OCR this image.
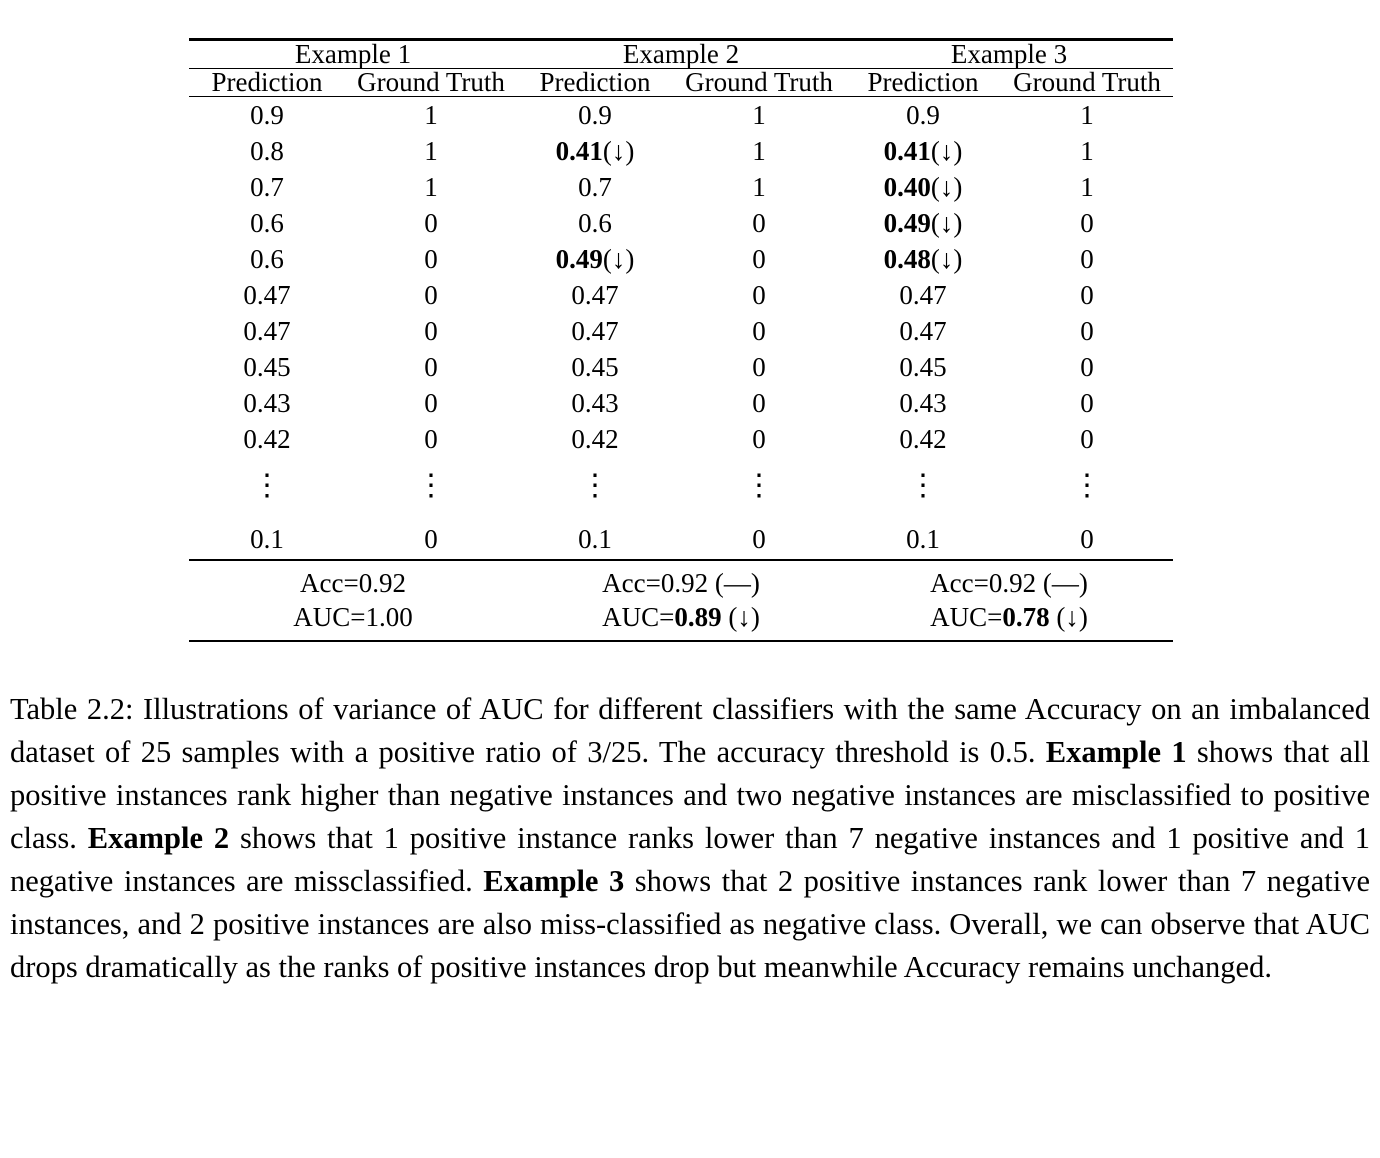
Example 1		Example 2		Example 3	
Prediction	Ground Truth	Prediction	Ground Truth	Prediction	Ground Truth
0.9	1	0.9	1	0.9	1
0.8	1	0.41(↓)	1	0.41(↓)	1
0.7	1	0.7	1	0.40(↓)	1
0.6	0	0.6	0	0.49(↓)	0
0.6	0	0.49(↓)	0	0.48(↓)	0
0.47	0	0.47	0	0.47	0
0.47	0	0.47	0	0.47	0
0.45	0	0.45	0	0.45	0
0.43	0	0.43	0	0.43	0
0.42	0	0.42	0	0.42	0
⋮	⋮	⋮	⋮	⋮	⋮
0.1	0	0.1	0	0.1	0
Acc=0.92		Acc=0.92 (—)		Acc=0.92 (—)	
AUC=1.00		AUC=0.89 (↓)		AUC=0.78 (↓)	

Table 2.2: Illustrations of variance of AUC for different classifiers with the same Accuracy on an imbalanced dataset of 25 samples with a positive ratio of 3/25. The accuracy threshold is 0.5. Example 1 shows that all positive instances rank higher than negative instances and two negative instances are misclassified to positive class. Example 2 shows that 1 positive instance ranks lower than 7 negative instances and 1 positive and 1 negative instances are missclassified. Example 3 shows that 2 positive instances rank lower than 7 negative instances, and 2 positive instances are also miss-classified as negative class. Overall, we can observe that AUC drops dramatically as the ranks of positive instances drop but meanwhile Accuracy remains unchanged.
